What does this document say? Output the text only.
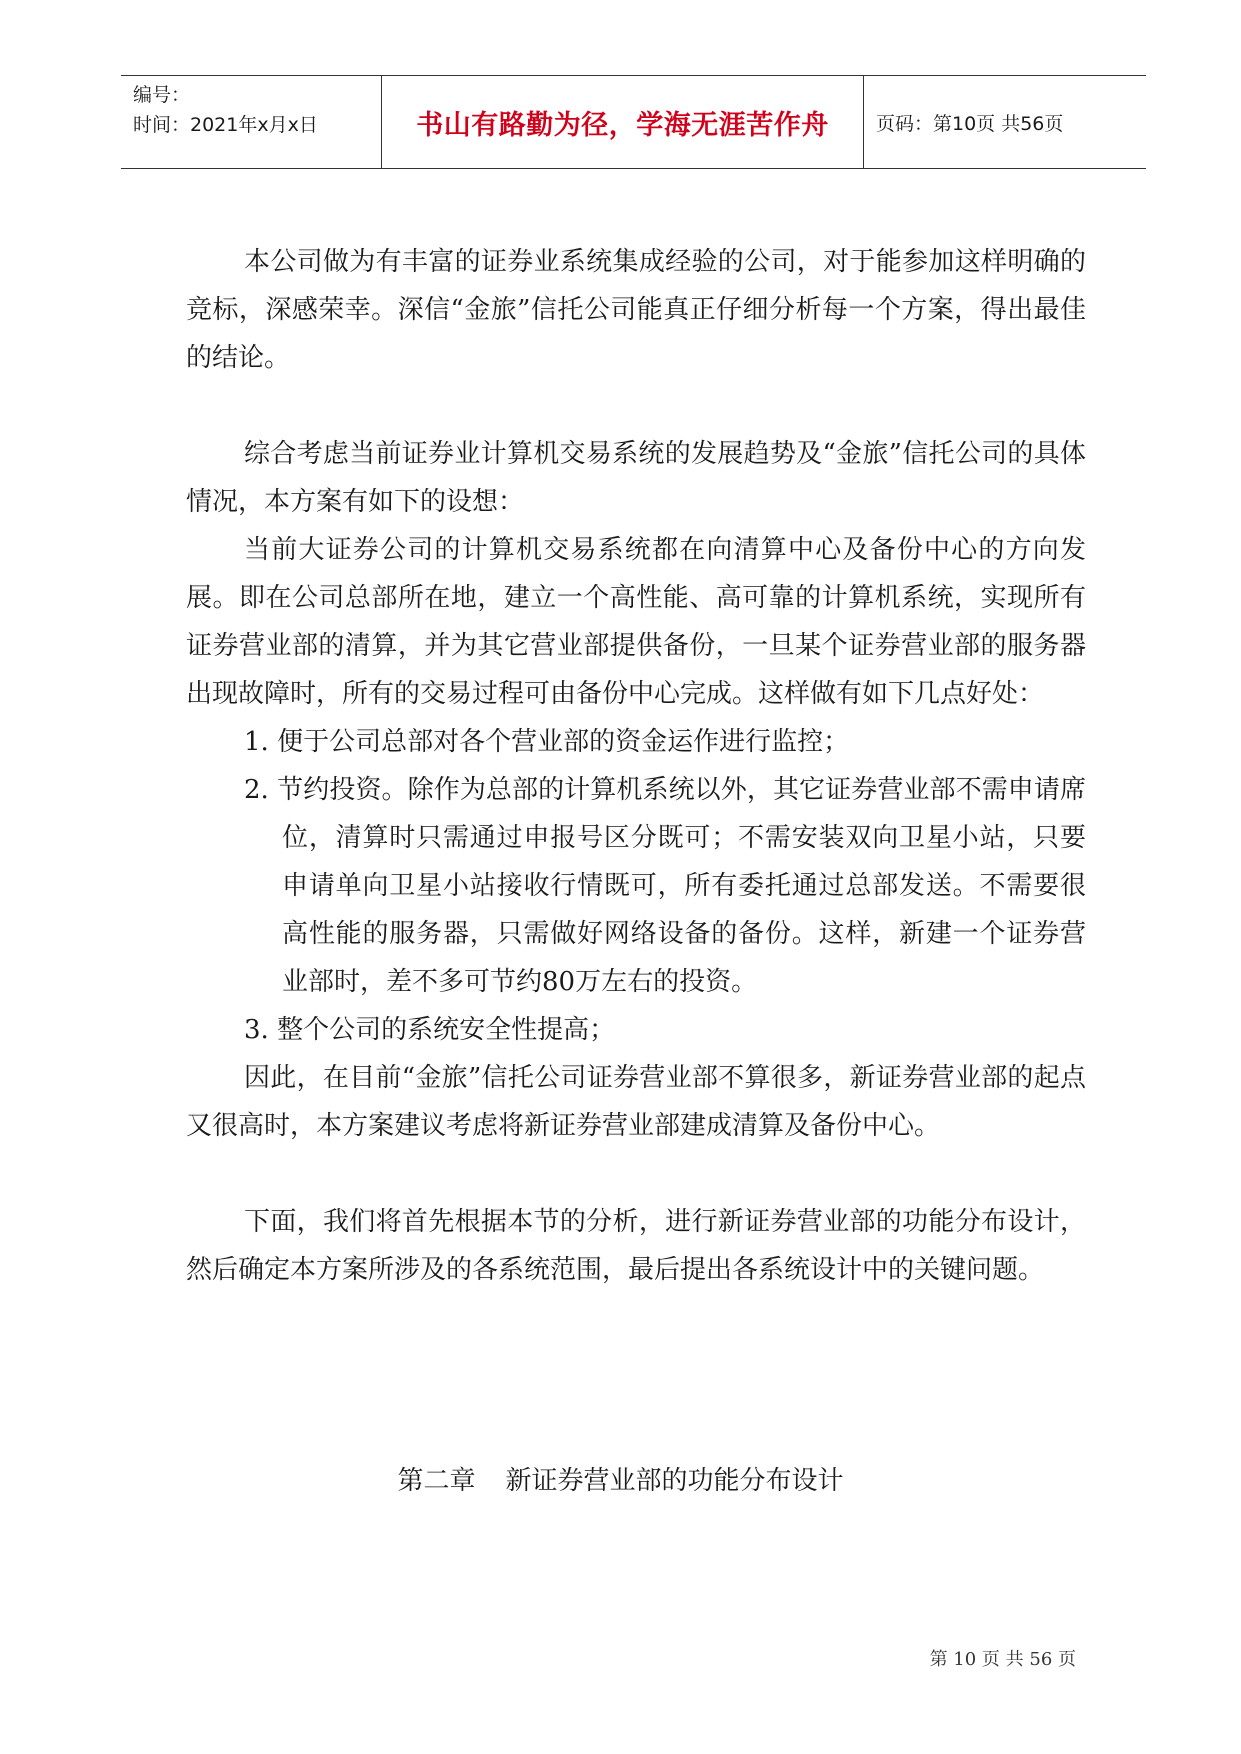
编号：
时间：2021年x月x日	书山有路勤为径，学海无涯苦作舟	页码：第10页 共56页

本公司做为有丰富的证券业系统集成经验的公司，对于能参加这样明确的竞标，深感荣幸。深信“金旅”信托公司能真正仔细分析每一个方案，得出最佳的结论。

综合考虑当前证券业计算机交易系统的发展趋势及“金旅”信托公司的具体情况，本方案有如下的设想：

当前大证券公司的计算机交易系统都在向清算中心及备份中心的方向发展。即在公司总部所在地，建立一个高性能、高可靠的计算机系统，实现所有证券营业部的清算，并为其它营业部提供备份，一旦某个证券营业部的服务器出现故障时，所有的交易过程可由备份中心完成。这样做有如下几点好处：

1. 便于公司总部对各个营业部的资金运作进行监控；

2. 节约投资。除作为总部的计算机系统以外，其它证券营业部不需申请席位，清算时只需通过申报号区分既可；不需安装双向卫星小站，只要申请单向卫星小站接收行情既可，所有委托通过总部发送。不需要很高性能的服务器，只需做好网络设备的备份。这样，新建一个证券营业部时，差不多可节约80万左右的投资。

3. 整个公司的系统安全性提高；

因此，在目前“金旅”信托公司证券营业部不算很多，新证券营业部的起点又很高时，本方案建议考虑将新证券营业部建成清算及备份中心。

下面，我们将首先根据本节的分析，进行新证券营业部的功能分布设计，然后确定本方案所涉及的各系统范围，最后提出各系统设计中的关键问题。

第二章 新证券营业部的功能分布设计
第 10 页 共 56 页
